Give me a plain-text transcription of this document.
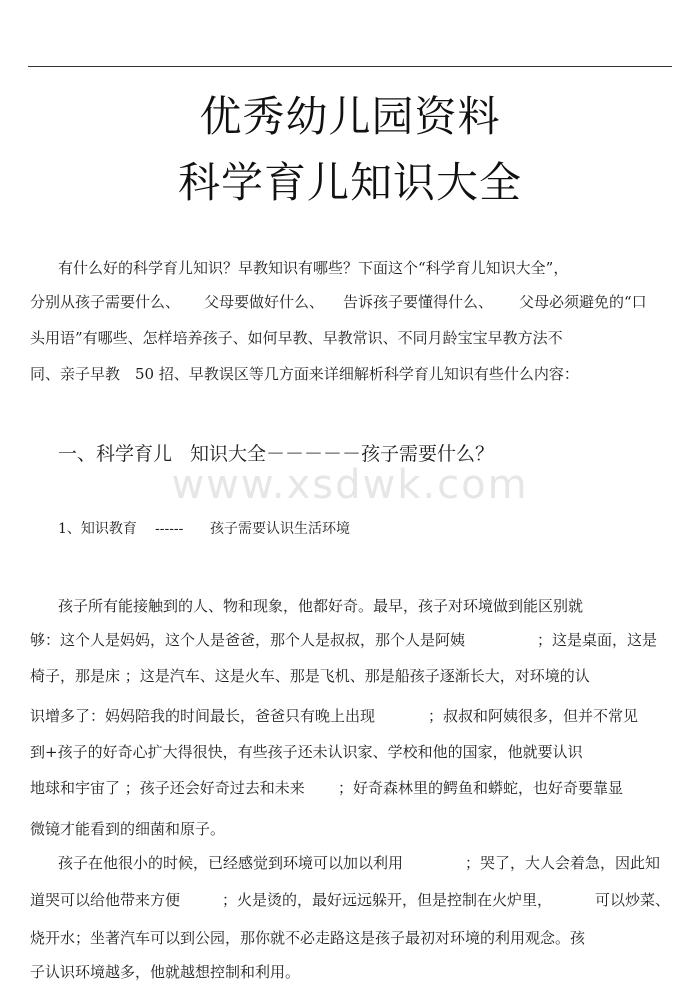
优秀幼儿园资料
科学育儿知识大全
有什么好的科学育儿知识？早教知识有哪些？下面这个“科学育儿知识大全”，
分别从孩子需要什么、 父母要做好什么、 告诉孩子要懂得什么、 父母必须避免的“口
头用语”有哪些、怎样培养孩子、如何早教、早教常识、不同月龄宝宝早教方法不
同、亲子早教 50 招、早教误区等几方面来详细解析科学育儿知识有些什么内容：
一、科学育儿 知识大全－－－－－孩子需要什么？
www.xsdwk.com
1、知识教育 ------ 孩子需要认识生活环境
孩子所有能接触到的人、物和现象，他都好奇。最早，孩子对环境做到能区别就
够：这个人是妈妈，这个人是爸爸，那个人是叔叔，那个人是阿姨	；这是桌面，这是
椅子，那是床 ；这是汽车、这是火车、那是飞机、那是船孩子逐渐长大，对环境的认
识增多了：妈妈陪我的时间最长，爸爸只有晚上出现	；叔叔和阿姨很多，但并不常见
到+孩子的好奇心扩大得很快，有些孩子还未认识家、学校和他的国家，他就要认识
地球和宇宙了 ；孩子还会好奇过去和未来 ；好奇森林里的鳄鱼和蟒蛇，也好奇要靠显
微镜才能看到的细菌和原子。
孩子在他很小的时候，已经感觉到环境可以加以利用	；哭了，大人会着急，因此知
道哭可以给他带来方便	；火是烫的，最好远远躲开，但是控制在火炉里，	可以炒菜、
烧开水；坐著汽车可以到公园，那你就不必走路这是孩子最初对环境的利用观念。孩
子认识环境越多，他就越想控制和利用。
